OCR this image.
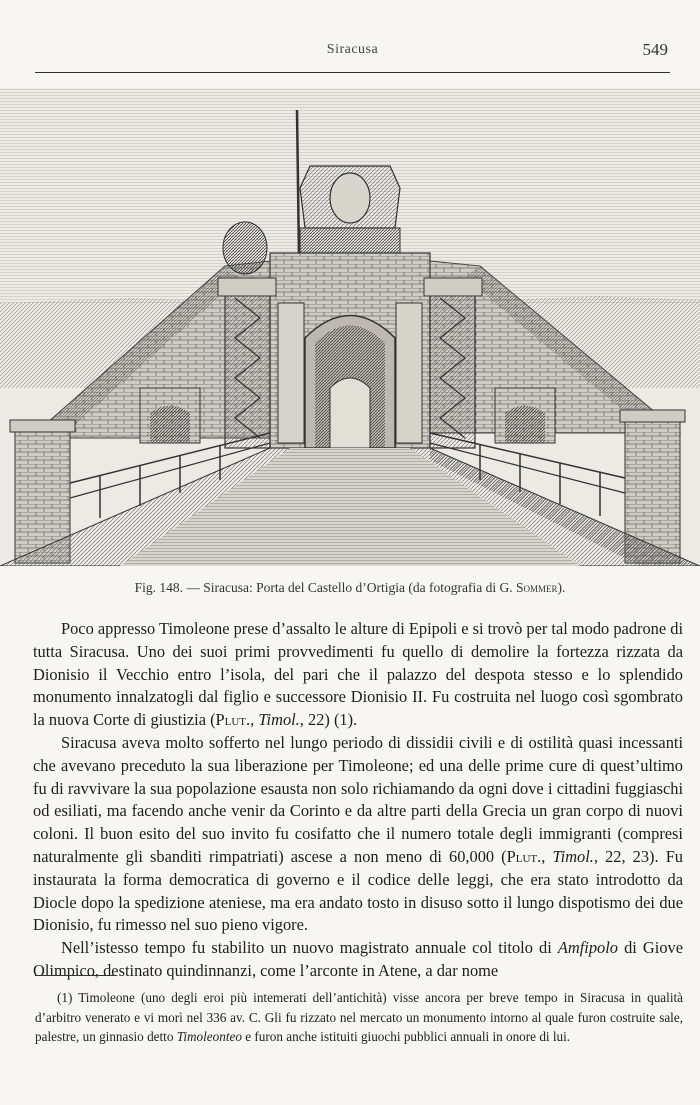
Siracusa	549
Fig. 148. — Siracusa: Porta del Castello d’Ortigia (da fotografia di G. Sommer).

Poco appresso Timoleone prese d’assalto le alture di Epipoli e si trovò per tal modo padrone di tutta Siracusa. Uno dei suoi primi provvedimenti fu quello di demolire la fortezza rizzata da Dionisio il Vecchio entro l’isola, del pari che il palazzo del despota stesso e lo splendido monumento innalzatogli dal figlio e successore Dionisio II. Fu costruita nel luogo così sgombrato la nuova Corte di giustizia (Plut., Timol., 22) (1).

Siracusa aveva molto sofferto nel lungo periodo di dissidii civili e di ostilità quasi incessanti che avevano preceduto la sua liberazione per Timoleone; ed una delle prime cure di quest’ultimo fu di ravvivare la sua popolazione esausta non solo richiamando da ogni dove i cittadini fuggiaschi od esiliati, ma facendo anche venir da Corinto e da altre parti della Grecia un gran corpo di nuovi coloni. Il buon esito del suo invito fu cosifatto che il numero totale degli immigranti (compresi naturalmente gli sbanditi rimpatriati) ascese a non meno di 60,000 (Plut., Timol., 22, 23). Fu instaurata la forma democratica di governo e il codice delle leggi, che era stato introdotto da Diocle dopo la spedizione ateniese, ma era andato tosto in disuso sotto il lungo dispotismo dei due Dionisio, fu rimesso nel suo pieno vigore.

Nell’istesso tempo fu stabilito un nuovo magistrato annuale col titolo di Amfipolo di Giove Olimpico, destinato quindinnanzi, come l’arconte in Atene, a dar nome

(1) Timoleone (uno degli eroi più intemerati dell’antichità) visse ancora per breve tempo in Siracusa in qualità d’arbitro venerato e vi morì nel 336 av. C. Gli fu rizzato nel mercato un monumento intorno al quale furon costruite sale, palestre, un ginnasio detto Timoleonteo e furon anche istituiti giuochi pubblici annuali in onore di lui.
